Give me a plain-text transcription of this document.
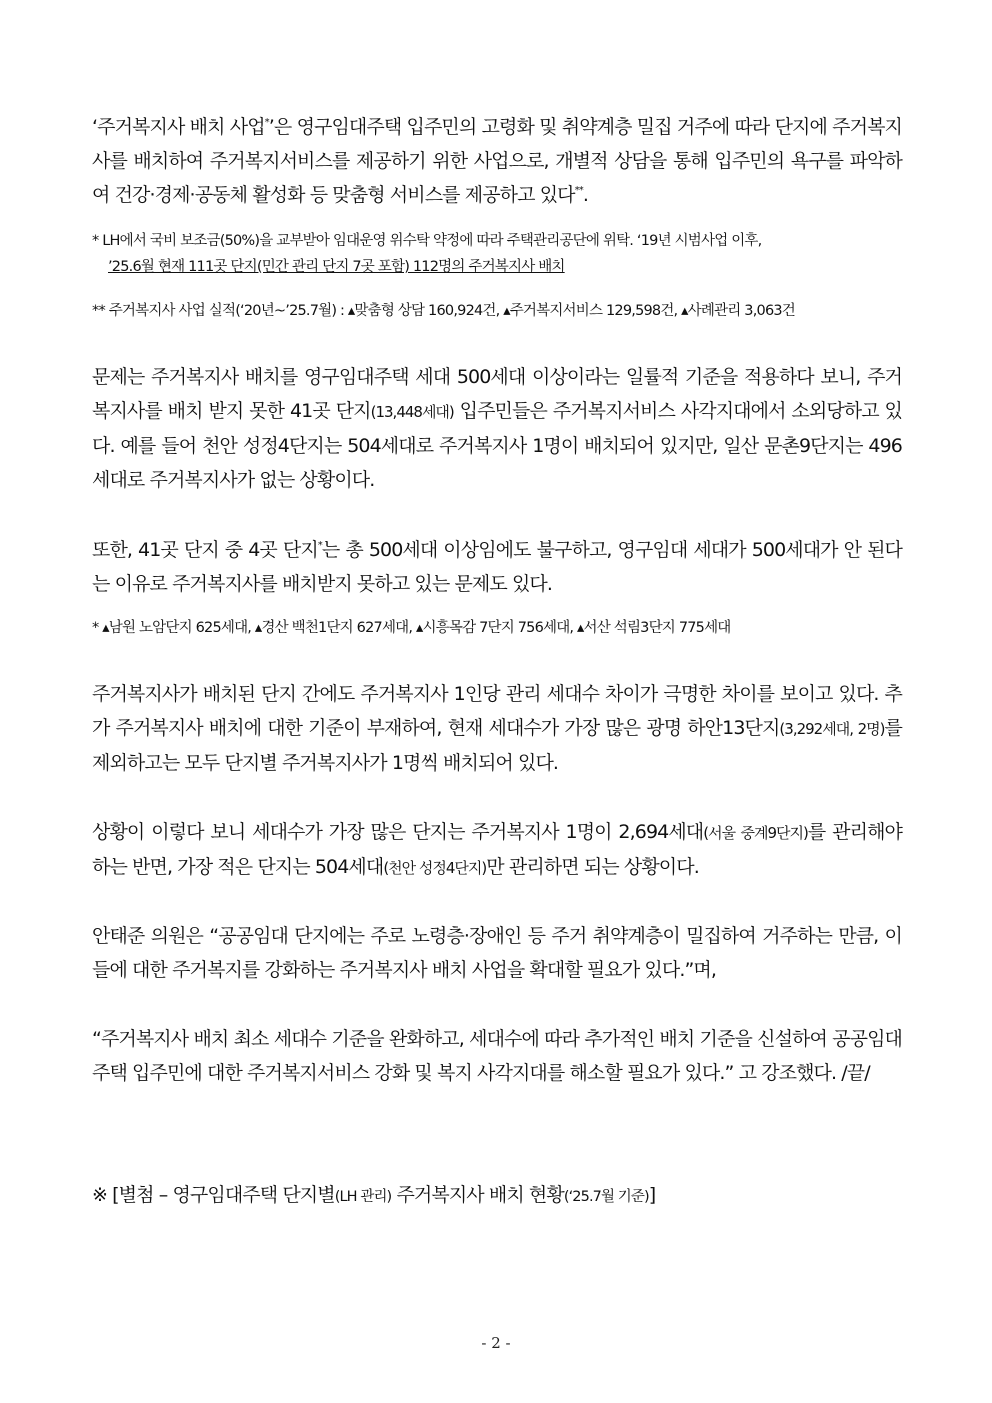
‘주거복지사 배치 사업*’은 영구임대주택 입주민의 고령화 및 취약계층 밀집 거주에 따라 단지에 주거복지사를 배치하여 주거복지서비스를 제공하기 위한 사업으로, 개별적 상담을 통해 입주민의 욕구를 파악하여 건강·경제·공동체 활성화 등 맞춤형 서비스를 제공하고 있다**.

* LH에서 국비 보조금(50%)을 교부받아 임대운영 위수탁 약정에 따라 주택관리공단에 위탁. ‘19년 시범사업 이후,
’25.6월 현재 111곳 단지(민간 관리 단지 7곳 포함) 112명의 주거복지사 배치
** 주거복지사 사업 실적(‘20년~’25.7월) : ▴맞춤형 상담 160,924건, ▴주거복지서비스 129,598건, ▴사례관리 3,063건

문제는 주거복지사 배치를 영구임대주택 세대 500세대 이상이라는 일률적 기준을 적용하다 보니, 주거복지사를 배치 받지 못한 41곳 단지(13,448세대) 입주민들은 주거복지서비스 사각지대에서 소외당하고 있다. 예를 들어 천안 성정4단지는 504세대로 주거복지사 1명이 배치되어 있지만, 일산 문촌9단지는 496세대로 주거복지사가 없는 상황이다.

또한, 41곳 단지 중 4곳 단지*는 총 500세대 이상임에도 불구하고, 영구임대 세대가 500세대가 안 된다는 이유로 주거복지사를 배치받지 못하고 있는 문제도 있다.

* ▴남원 노암단지 625세대, ▴경산 백천1단지 627세대, ▴시흥목감 7단지 756세대, ▴서산 석림3단지 775세대

주거복지사가 배치된 단지 간에도 주거복지사 1인당 관리 세대수 차이가 극명한 차이를 보이고 있다. 추가 주거복지사 배치에 대한 기준이 부재하여, 현재 세대수가 가장 많은 광명 하안13단지(3,292세대, 2명)를 제외하고는 모두 단지별 주거복지사가 1명씩 배치되어 있다.

상황이 이렇다 보니 세대수가 가장 많은 단지는 주거복지사 1명이 2,694세대(서울 중계9단지)를 관리해야 하는 반면, 가장 적은 단지는 504세대(천안 성정4단지)만 관리하면 되는 상황이다.

안태준 의원은 “공공임대 단지에는 주로 노령층·장애인 등 주거 취약계층이 밀집하여 거주하는 만큼, 이들에 대한 주거복지를 강화하는 주거복지사 배치 사업을 확대할 필요가 있다.”며,

“주거복지사 배치 최소 세대수 기준을 완화하고, 세대수에 따라 추가적인 배치 기준을 신설하여 공공임대주택 입주민에 대한 주거복지서비스 강화 및 복지 사각지대를 해소할 필요가 있다.” 고 강조했다. /끝/

※ [별첨 – 영구임대주택 단지별(LH 관리) 주거복지사 배치 현황(‘25.7월 기준)]
- 2 -
